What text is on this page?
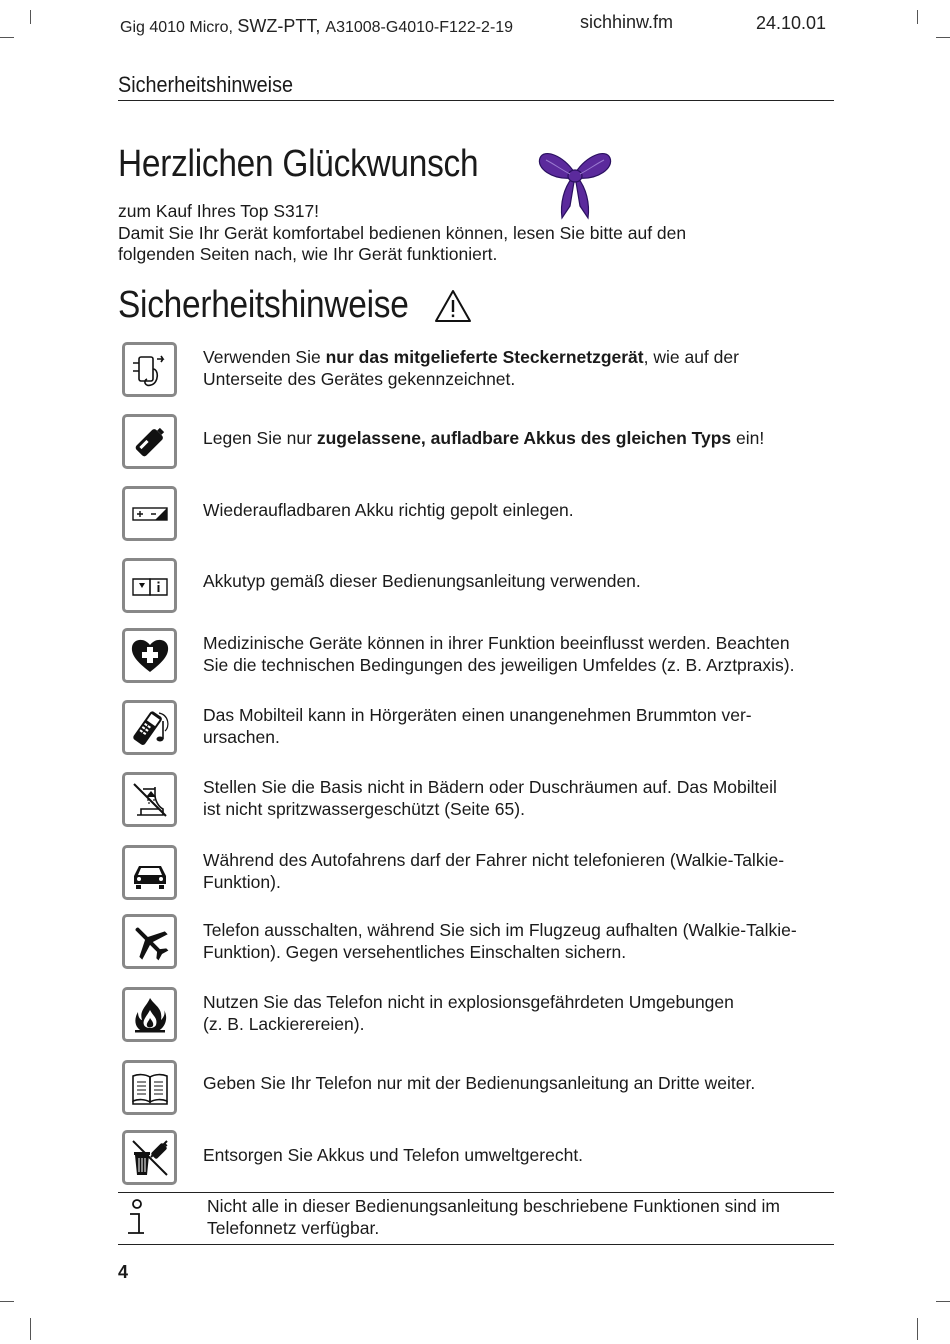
Gig 4010 Micro, SWZ-PTT, A31008-G4010-F122-2-19	sichhinw.fm	24.10.01
Sicherheitshinweise
Herzlichen Glückwunsch
zum Kauf Ihres Top S317!
Damit Sie Ihr Gerät komfortabel bedienen können, lesen Sie bitte auf den
folgenden Seiten nach, wie Ihr Gerät funktioniert.
Sicherheitshinweise
Verwenden Sie nur das mitgelieferte Steckernetzgerät, wie auf der
Unterseite des Gerätes gekennzeichnet.
Legen Sie nur zugelassene, aufladbare Akkus des gleichen Typs ein!
Wiederaufladbaren Akku richtig gepolt einlegen.
Akkutyp gemäß dieser Bedienungsanleitung verwenden.
Medizinische Geräte können in ihrer Funktion beeinflusst werden. Beachten
Sie die technischen Bedingungen des jeweiligen Umfeldes (z. B. Arztpraxis).
Das Mobilteil kann in Hörgeräten einen unangenehmen Brummton ver-
ursachen.
Stellen Sie die Basis nicht in Bädern oder Duschräumen auf. Das Mobilteil
ist nicht spritzwassergeschützt (Seite 65).
Während des Autofahrens darf der Fahrer nicht telefonieren (Walkie-Talkie-
Funktion).
Telefon ausschalten, während Sie sich im Flugzeug aufhalten (Walkie-Talkie-
Funktion). Gegen versehentliches Einschalten sichern.
Nutzen Sie das Telefon nicht in explosionsgefährdeten Umgebungen
(z. B. Lackierereien).
Geben Sie Ihr Telefon nur mit der Bedienungsanleitung an Dritte weiter.
Entsorgen Sie Akkus und Telefon umweltgerecht.
Nicht alle in dieser Bedienungsanleitung beschriebene Funktionen sind im
Telefonnetz verfügbar.
4
